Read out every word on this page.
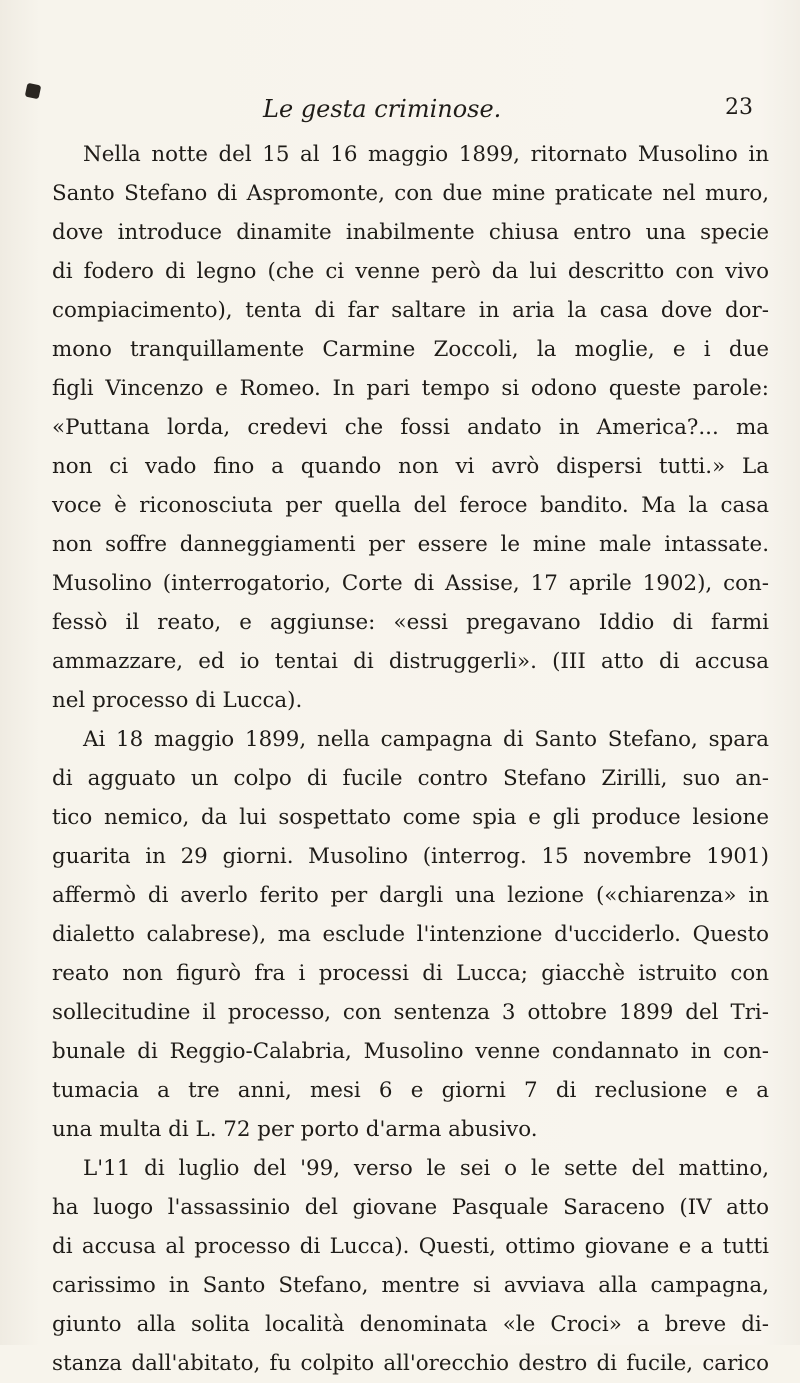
Le gesta criminose.	23
Nella notte del 15 al 16 maggio 1899, ritornato Musolino in
Santo Stefano di Aspromonte, con due mine praticate nel muro,
dove introduce dinamite inabilmente chiusa entro una specie
di fodero di legno (che ci venne però da lui descritto con vivo
compiacimento), tenta di far saltare in aria la casa dove dor-
mono tranquillamente Carmine Zoccoli, la moglie, e i due
figli Vincenzo e Romeo. In pari tempo si odono queste parole:
«Puttana lorda, credevi che fossi andato in America?... ma
non ci vado fino a quando non vi avrò dispersi tutti.» La
voce è riconosciuta per quella del feroce bandito. Ma la casa
non soffre danneggiamenti per essere le mine male intassate.
Musolino (interrogatorio, Corte di Assise, 17 aprile 1902), con-
fessò il reato, e aggiunse: «essi pregavano Iddio di farmi
ammazzare, ed io tentai di distruggerli». (III atto di accusa
nel processo di Lucca).
Ai 18 maggio 1899, nella campagna di Santo Stefano, spara
di agguato un colpo di fucile contro Stefano Zirilli, suo an-
tico nemico, da lui sospettato come spia e gli produce lesione
guarita in 29 giorni. Musolino (interrog. 15 novembre 1901)
affermò di averlo ferito per dargli una lezione («chiarenza» in
dialetto calabrese), ma esclude l'intenzione d'ucciderlo. Questo
reato non figurò fra i processi di Lucca; giacchè istruito con
sollecitudine il processo, con sentenza 3 ottobre 1899 del Tri-
bunale di Reggio-Calabria, Musolino venne condannato in con-
tumacia a tre anni, mesi 6 e giorni 7 di reclusione e a
una multa di L. 72 per porto d'arma abusivo.
L'11 di luglio del '99, verso le sei o le sette del mattino,
ha luogo l'assassinio del giovane Pasquale Saraceno (IV atto
di accusa al processo di Lucca). Questi, ottimo giovane e a tutti
carissimo in Santo Stefano, mentre si avviava alla campagna,
giunto alla solita località denominata «le Croci» a breve di-
stanza dall'abitato, fu colpito all'orecchio destro di fucile, carico
